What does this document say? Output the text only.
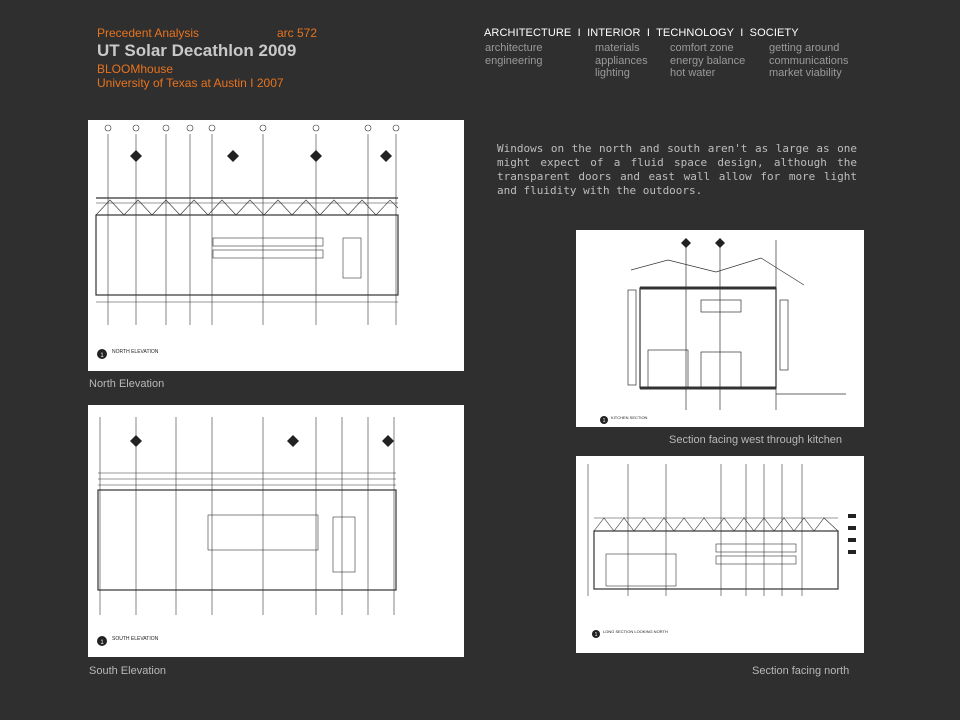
Precedent Analysis	arc 572
UT Solar Decathlon 2009
BLOOMhouse
University of Texas at Austin I 2007
ARCHITECTURE  I  INTERIOR  I  TECHNOLOGY  I  SOCIETY
architecture
engineering
materials
appliances
lighting
comfort zone
energy balance
hot water
getting around
communications
market viability
Windows on the north and south aren't as large as one might expect of a fluid space design, although the transparent doors and east wall allow for more light and fluidity with the outdoors.
1
NORTH ELEVATION
North Elevation
1
SOUTH ELEVATION
South Elevation
1
KITCHEN SECTION
Section facing west through kitchen
1
LONG SECTION LOOKING NORTH
Section facing north
